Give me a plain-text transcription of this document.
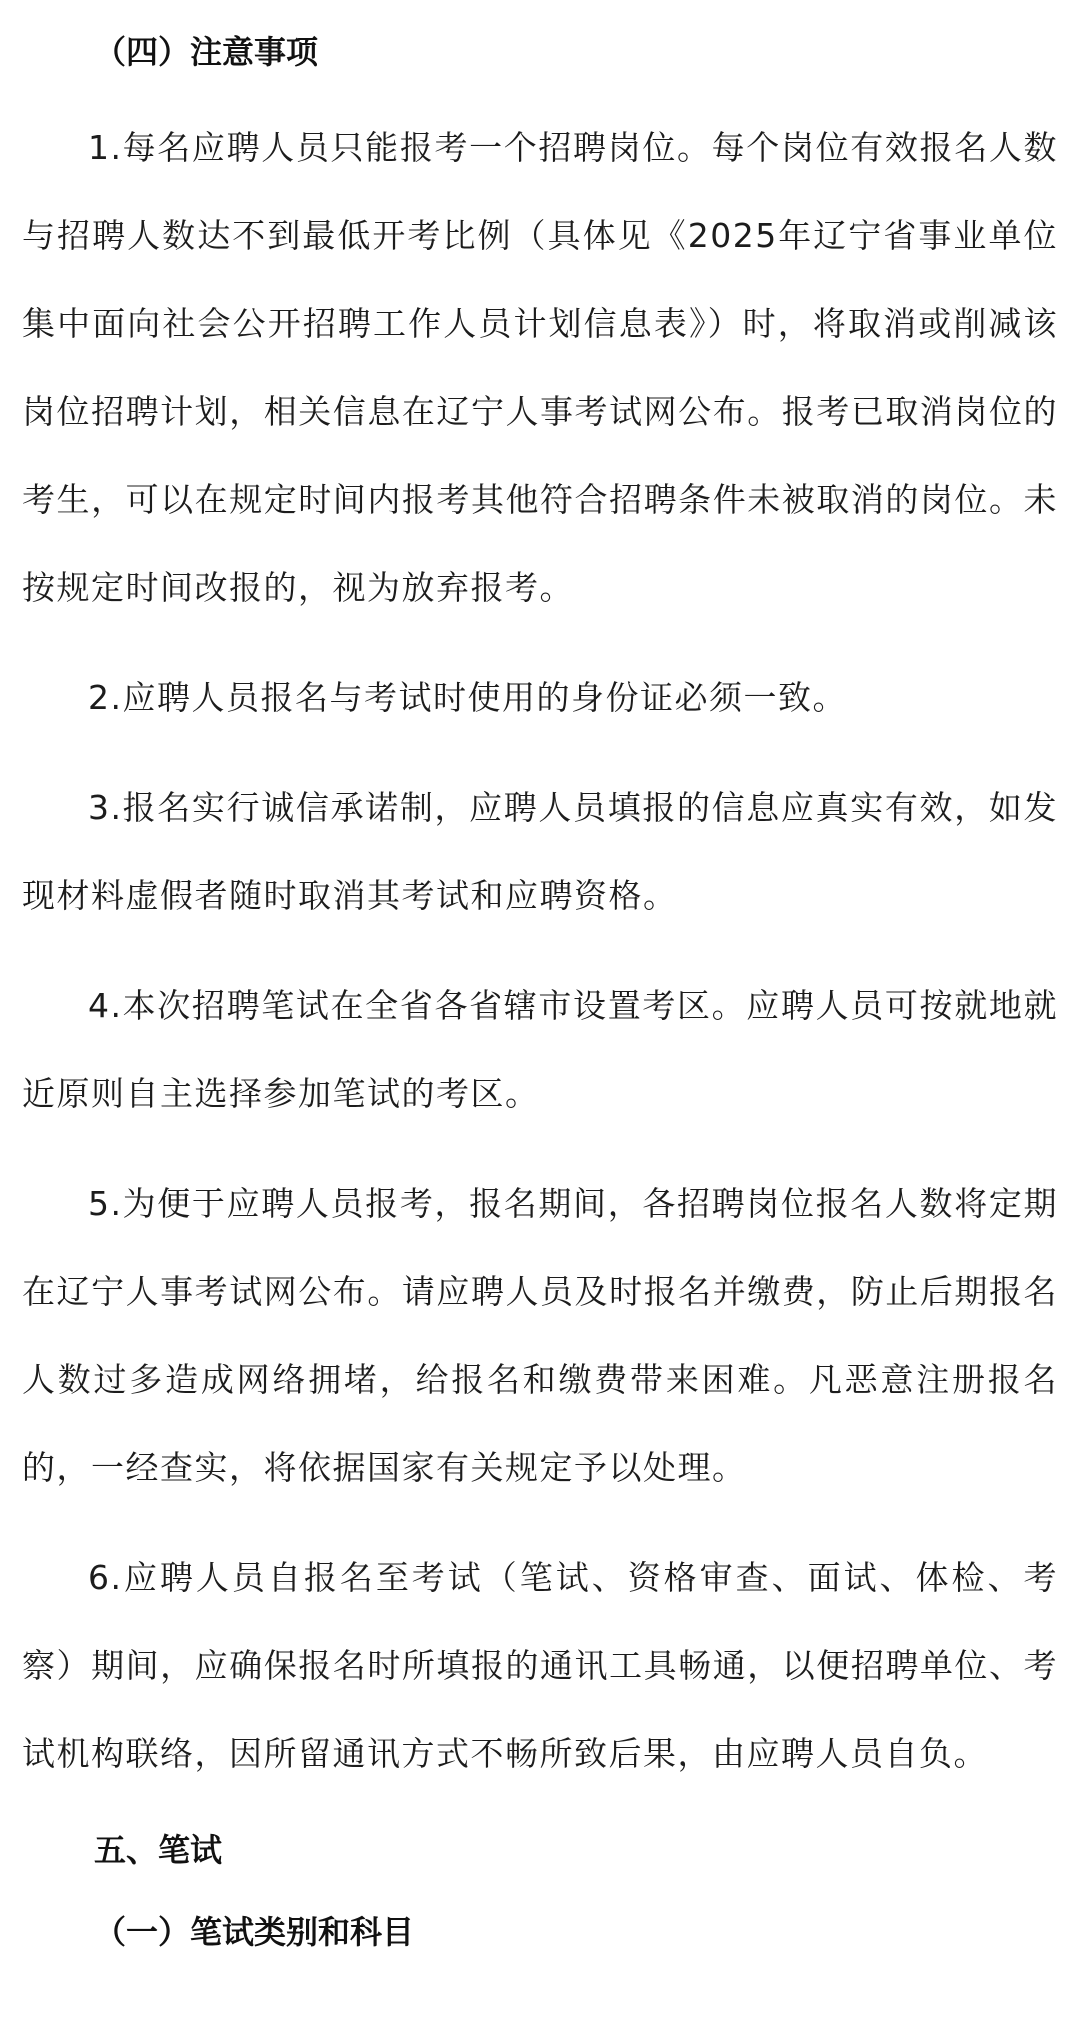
（四）注意事项

1.每名应聘人员只能报考一个招聘岗位。每个岗位有效报名人数与招聘人数达不到最低开考比例（具体见《2025年辽宁省事业单位集中面向社会公开招聘工作人员计划信息表》）时，将取消或削减该岗位招聘计划，相关信息在辽宁人事考试网公布。报考已取消岗位的考生，可以在规定时间内报考其他符合招聘条件未被取消的岗位。未按规定时间改报的，视为放弃报考。

2.应聘人员报名与考试时使用的身份证必须一致。

3.报名实行诚信承诺制，应聘人员填报的信息应真实有效，如发现材料虚假者随时取消其考试和应聘资格。

4.本次招聘笔试在全省各省辖市设置考区。应聘人员可按就地就近原则自主选择参加笔试的考区。

5.为便于应聘人员报考，报名期间，各招聘岗位报名人数将定期在辽宁人事考试网公布。请应聘人员及时报名并缴费，防止后期报名人数过多造成网络拥堵，给报名和缴费带来困难。凡恶意注册报名的，一经查实，将依据国家有关规定予以处理。

6.应聘人员自报名至考试（笔试、资格审查、面试、体检、考察）期间，应确保报名时所填报的通讯工具畅通，以便招聘单位、考试机构联络，因所留通讯方式不畅所致后果，由应聘人员自负。

五、笔试
（一）笔试类别和科目
